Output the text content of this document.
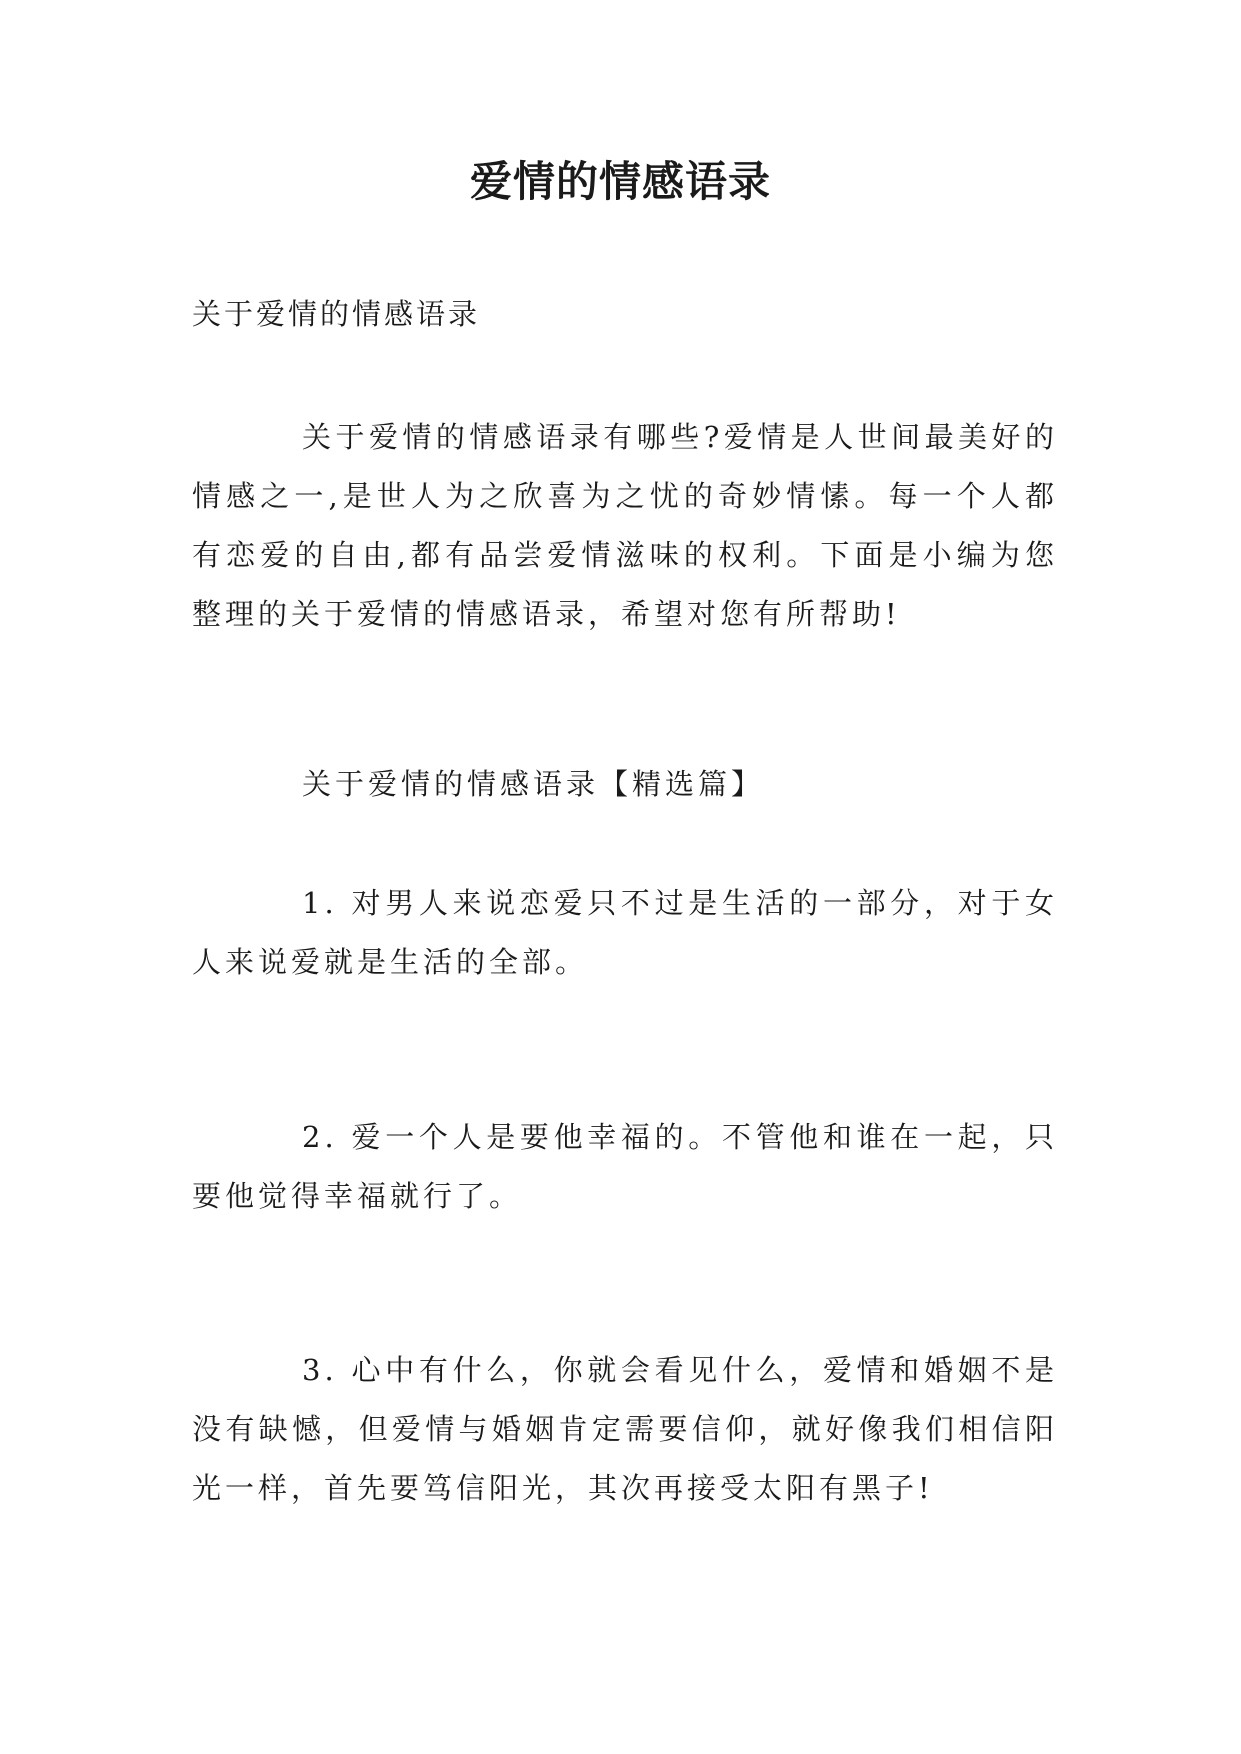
爱情的情感语录
关于爱情的情感语录

关于爱情的情感语录有哪些?爱情是人世间最美好的情感之一,是世人为之欣喜为之忧的奇妙情愫。每一个人都有恋爱的自由,都有品尝爱情滋味的权利。下面是小编为您整理的关于爱情的情感语录，希望对您有所帮助!

关于爱情的情感语录【精选篇】

1. 对男人来说恋爱只不过是生活的一部分，对于女人来说爱就是生活的全部。

2. 爱一个人是要他幸福的。不管他和谁在一起，只要他觉得幸福就行了。

3. 心中有什么，你就会看见什么，爱情和婚姻不是没有缺憾，但爱情与婚姻肯定需要信仰，就好像我们相信阳光一样，首先要笃信阳光，其次再接受太阳有黑子!
